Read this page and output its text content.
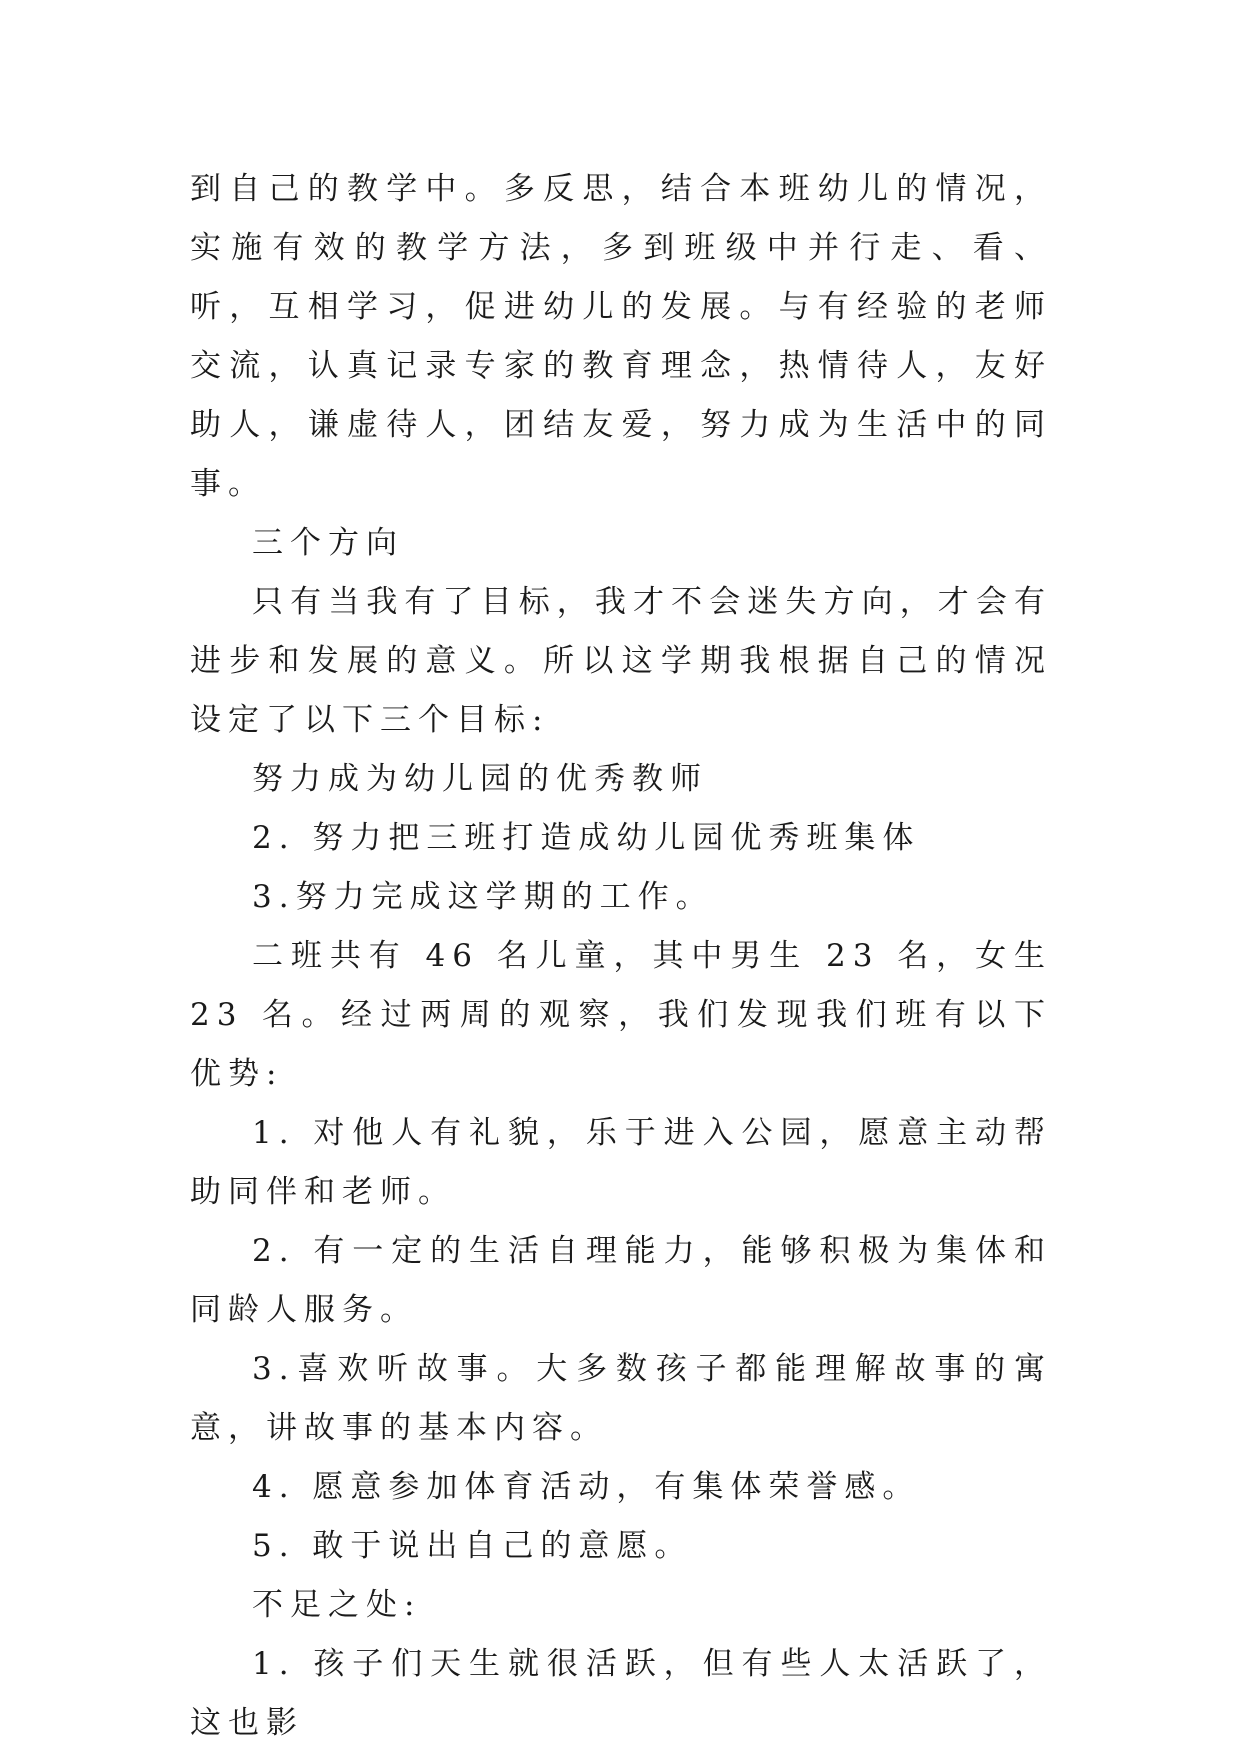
到自己的教学中。多反思，结合本班幼儿的情况，实施有效的教学方法，多到班级中并行走、看、听，互相学习，促进幼儿的发展。与有经验的老师交流，认真记录专家的教育理念，热情待人，友好助人，谦虚待人，团结友爱，努力成为生活中的同事。

三个方向

只有当我有了目标，我才不会迷失方向，才会有进步和发展的意义。所以这学期我根据自己的情况设定了以下三个目标:

努力成为幼儿园的优秀教师

2. 努力把三班打造成幼儿园优秀班集体

3.努力完成这学期的工作。

二班共有 46 名儿童，其中男生 23 名，女生 23 名。经过两周的观察，我们发现我们班有以下优势:

1. 对他人有礼貌，乐于进入公园，愿意主动帮助同伴和老师。

2. 有一定的生活自理能力，能够积极为集体和同龄人服务。

3.喜欢听故事。大多数孩子都能理解故事的寓意，讲故事的基本内容。

4. 愿意参加体育活动，有集体荣誉感。

5. 敢于说出自己的意愿。

不足之处:

1. 孩子们天生就很活跃，但有些人太活跃了，这也影
